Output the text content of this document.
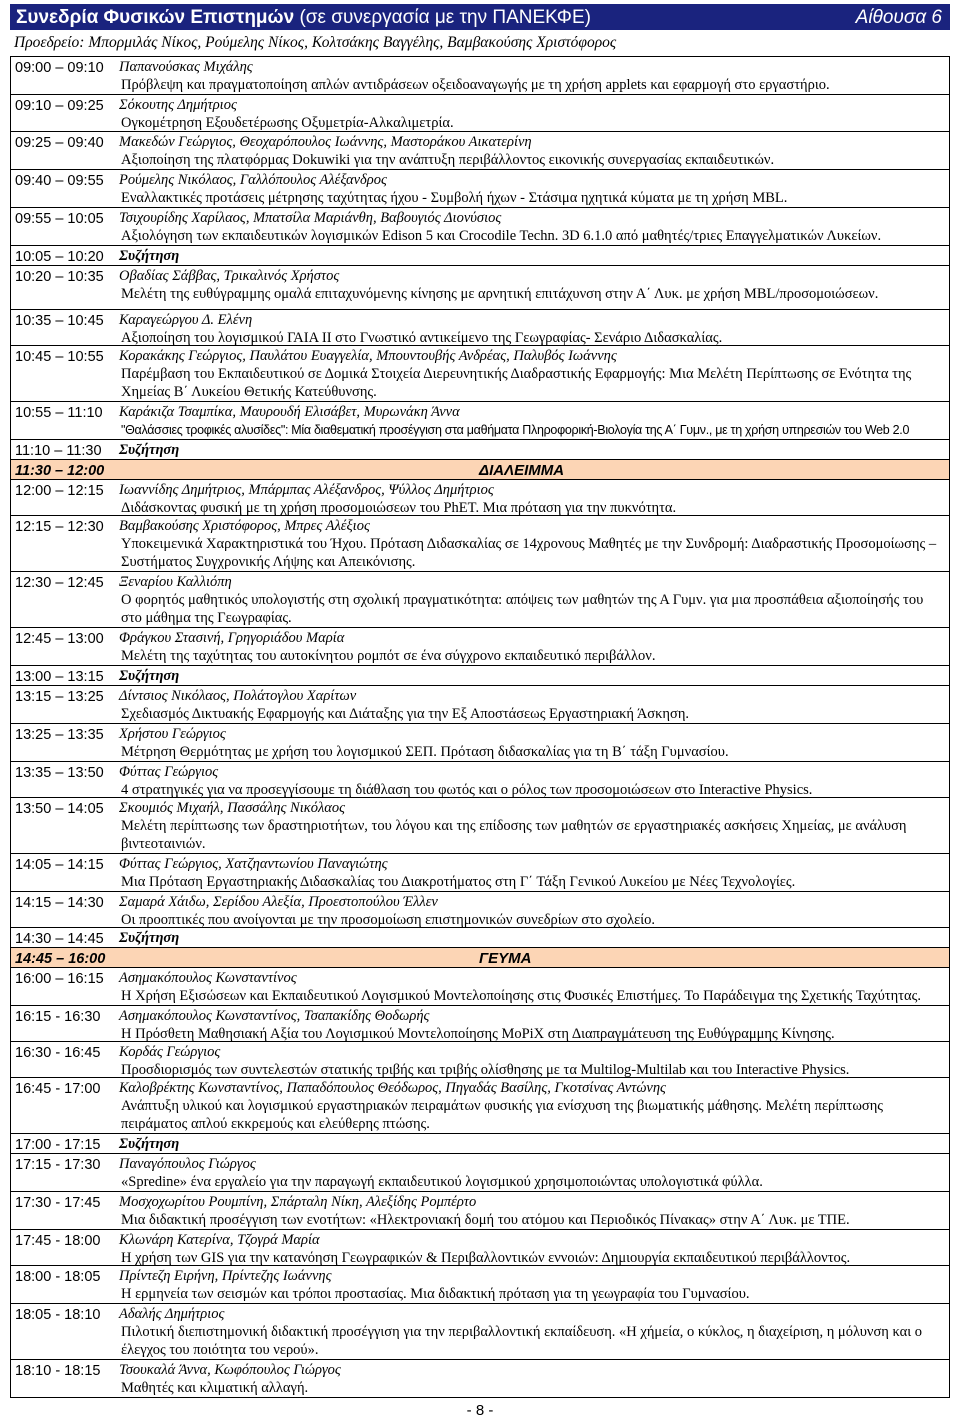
Συνεδρία Φυσικών Επιστημών (σε συνεργασία με την ΠΑΝΕΚΦΕ)	Αίθουσα 6
Προεδρείο: Μπορμιλάς Νίκος, Ρούμελης Νίκος, Κολτσάκης Βαγγέλης, Βαμβακούσης Χριστόφορος
09:00 – 09:10	Παπανούσκας Μιχάλης
Πρόβλεψη και πραγματοποίηση απλών αντιδράσεων οξειδοαναγωγής με τη χρήση applets και εφαρμογή στο εργαστήριο.
09:10 – 09:25	Σόκουτης Δημήτριος
Ογκομέτρηση Εξουδετέρωσης Οξυμετρία-Αλκαλιμετρία.
09:25 – 09:40	Μακεδών Γεώργιος, Θεοχαρόπουλος Ιωάννης, Μαστοράκου Αικατερίνη
Αξιοποίηση της πλατφόρμας Dokuwiki για την ανάπτυξη περιβάλλοντος εικονικής συνεργασίας εκπαιδευτικών.
09:40 – 09:55	Ρούμελης Νικόλαος, Γαλλόπουλος Αλέξανδρος
Εναλλακτικές προτάσεις μέτρησης ταχύτητας ήχου - Συμβολή ήχων - Στάσιμα ηχητικά κύματα με τη χρήση MBL.
09:55 – 10:05	Τσιχουρίδης Χαρίλαος, Μπατσίλα Μαριάνθη, Βαβουγιός Διονύσιος
Αξιολόγηση των εκπαιδευτικών λογισμικών Edison 5 και Crocodile Techn. 3D 6.1.0 από μαθητές/τριες Επαγγελματικών Λυκείων.
10:05 – 10:20	Συζήτηση
10:20 – 10:35	Οβαδίας Σάββας, Τρικαλινός Χρήστος
Μελέτη της ευθύγραμμης ομαλά επιταχυνόμενης κίνησης με αρνητική επιτάχυνση στην Α΄ Λυκ. με χρήση MBL/προσομοιώσεων.
10:35 – 10:45	Καραγεώργου Δ. Ελένη
Αξιοποίηση του λογισμικού ΓΑΙΑ ΙΙ στο Γνωστικό αντικείμενο της Γεωγραφίας- Σενάριο Διδασκαλίας.
10:45 – 10:55	Κορακάκης Γεώργιος, Παυλάτου Ευαγγελία, Μπουντουβής Ανδρέας, Παλυβός Ιωάννης
Παρέμβαση του Εκπαιδευτικού σε Δομικά Στοιχεία Διερευνητικής Διαδραστικής Εφαρμογής: Μια Μελέτη Περίπτωσης σε Ενότητα της Χημείας Β΄ Λυκείου Θετικής Κατεύθυνσης.
10:55 – 11:10	Καράκιζα Τσαμπίκα, Μαυρουδή Ελισάβετ, Μυρωνάκη Άννα
"Θαλάσσιες τροφικές αλυσίδες": Μία διαθεματική προσέγγιση στα μαθήματα Πληροφορική-Βιολογία της Α΄ Γυμν., με τη χρήση υπηρεσιών του Web 2.0
11:10 – 11:30	Συζήτηση
11:30 – 12:00	ΔΙΑΛΕΙΜΜΑ
12:00 – 12:15	Ιωαννίδης Δημήτριος, Μπάρμπας Αλέξανδρος, Ψύλλος Δημήτριος
Διδάσκοντας φυσική με τη χρήση προσομοιώσεων του PhET. Μια πρόταση για την πυκνότητα.
12:15 – 12:30	Βαμβακούσης Χριστόφορος, Μπρες Αλέξιος
Υποκειμενικά Χαρακτηριστικά του Ήχου. Πρόταση Διδασκαλίας σε 14χρονους Μαθητές με την Συνδρομή: Διαδραστικής Προσομοίωσης – Συστήματος Συγχρονικής Λήψης και Απεικόνισης.
12:30 – 12:45	Ξεναρίου Καλλιόπη
Ο φορητός μαθητικός υπολογιστής στη σχολική πραγματικότητα: απόψεις των μαθητών της Α Γυμν. για μια προσπάθεια αξιοποίησής του στο μάθημα της Γεωγραφίας.
12:45 – 13:00	Φράγκου Στασινή, Γρηγοριάδου Μαρία
Μελέτη της ταχύτητας του αυτοκίνητου ρομπότ σε ένα σύγχρονο εκπαιδευτικό περιβάλλον.
13:00 – 13:15	Συζήτηση
13:15 – 13:25	Δίντσιος Νικόλαος, Πολάτογλου Χαρίτων
Σχεδιασμός Δικτυακής Εφαρμογής και Διάταξης για την Εξ Αποστάσεως Εργαστηριακή Άσκηση.
13:25 – 13:35	Χρήστου Γεώργιος
Μέτρηση Θερμότητας με χρήση του λογισμικού ΣΕΠ. Πρόταση διδασκαλίας για τη Β΄ τάξη Γυμνασίου.
13:35 – 13:50	Φύττας Γεώργιος
4 στρατηγικές για να προσεγγίσουμε τη διάθλαση του φωτός και ο ρόλος των προσομοιώσεων στο Interactive Physics.
13:50 – 14:05	Σκουμιός Μιχαήλ, Πασσάλης Νικόλαος
Μελέτη περίπτωσης των δραστηριοτήτων, του λόγου και της επίδοσης των μαθητών σε εργαστηριακές ασκήσεις Χημείας, με ανάλυση βιντεοταινιών.
14:05 – 14:15	Φύττας Γεώργιος, Χατζηαντωνίου Παναγιώτης
Μια Πρόταση Εργαστηριακής Διδασκαλίας του Διακροτήματος στη Γ΄ Τάξη Γενικού Λυκείου με Νέες Τεχνολογίες.
14:15 – 14:30	Σαμαρά Χάιδω, Σερίδου Αλεξία, Προεστοπούλου Έλλεν
Οι προοπτικές που ανοίγονται με την προσομοίωση επιστημονικών συνεδρίων στο σχολείο.
14:30 – 14:45	Συζήτηση
14:45 – 16:00	ΓΕΥΜΑ
16:00 – 16:15	Ασημακόπουλος Κωνσταντίνος
Η Χρήση Εξισώσεων και Εκπαιδευτικού Λογισμικού Μοντελοποίησης στις Φυσικές Επιστήμες. Το Παράδειγμα της Σχετικής Ταχύτητας.
16:15 - 16:30	Ασημακόπουλος Κωνσταντίνος, Τσαπακίδης Θοδωρής
Η Πρόσθετη Μαθησιακή Αξία του Λογισμικού Μοντελοποίησης MoPiX στη Διαπραγμάτευση της Ευθύγραμμης Κίνησης.
16:30 - 16:45	Κορδάς Γεώργιος
Προσδιορισμός των συντελεστών στατικής τριβής και τριβής ολίσθησης με τα Multilog-Multilab και του Interactive Physics.
16:45 - 17:00	Καλοβρέκτης Κωνσταντίνος, Παπαδόπουλος Θεόδωρος, Πηγαδάς Βασίλης, Γκοτσίνας Αντώνης
Ανάπτυξη υλικού και λογισμικού εργαστηριακών πειραμάτων φυσικής για ενίσχυση της βιωματικής μάθησης. Μελέτη περίπτωσης πειράματος απλού εκκρεμούς και ελεύθερης πτώσης.
17:00 - 17:15	Συζήτηση
17:15 - 17:30	Παναγόπουλος Γιώργος
«Spredine» ένα εργαλείο για την παραγωγή εκπαιδευτικού λογισμικού χρησιμοποιώντας υπολογιστικά φύλλα.
17:30 - 17:45	Μοσχοχωρίτου Ρουμπίνη, Σπάρταλη Νίκη, Αλεξίδης Ρομπέρτο
Μια διδακτική προσέγγιση των ενοτήτων: «Ηλεκτρονιακή δομή του ατόμου και Περιοδικός Πίνακας» στην Α΄ Λυκ. με ΤΠΕ.
17:45 - 18:00	Κλωνάρη Κατερίνα, Τζογρά Μαρία
Η χρήση των GIS για την κατανόηση Γεωγραφικών & Περιβαλλοντικών εννοιών: Δημιουργία εκπαιδευτικού περιβάλλοντος.
18:00 - 18:05	Πρίντεζη Ειρήνη, Πρίντεζης Ιωάννης
Η ερμηνεία των σεισμών και τρόποι προστασίας. Μια διδακτική πρόταση για τη γεωγραφία του Γυμνασίου.
18:05 - 18:10	Αδαλής Δημήτριος
Πιλοτική διεπιστημονική διδακτική προσέγγιση για την περιβαλλοντική εκπαίδευση. «Η χήμεία, ο κύκλος, η διαχείριση, η μόλυνση και ο έλεγχος του ποιότητα του νερού».
18:10 - 18:15	Τσουκαλά Άννα, Κωφόπουλος Γιώργος
Μαθητές και κλιματική αλλαγή.
- 8 -
